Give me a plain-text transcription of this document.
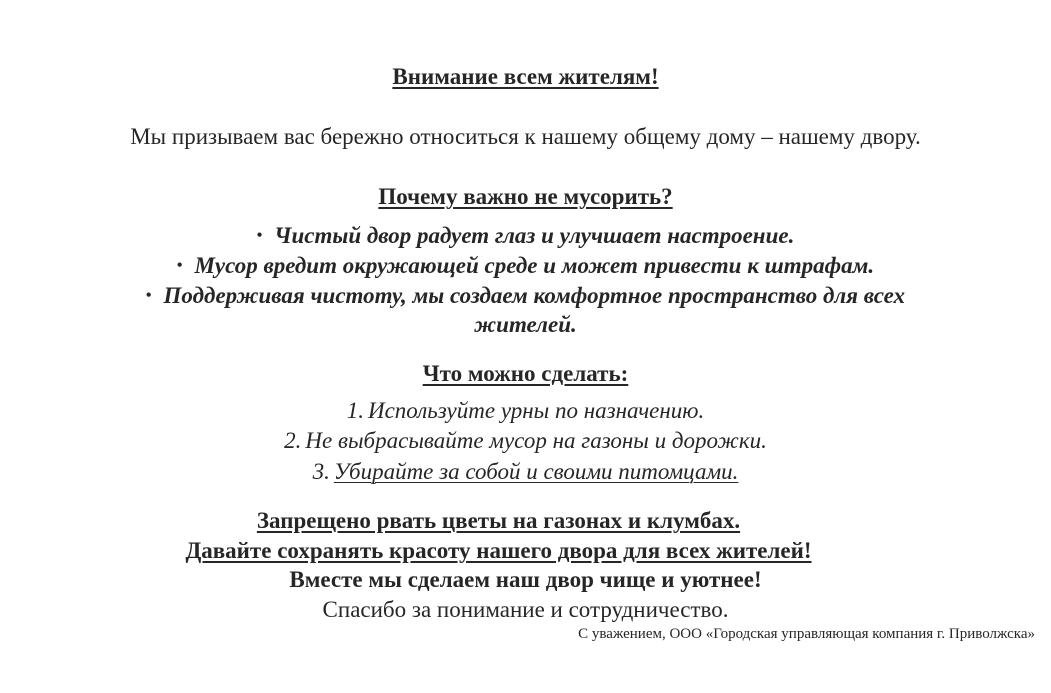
Внимание всем жителям!
Мы призываем вас бережно относиться к нашему общему дому – нашему двору.
Почему важно не мусорить?
• Чистый двор радует глаз и улучшает настроение.
• Мусор вредит окружающей среде и может привести к штрафам.
• Поддерживая чистоту, мы создаем комфортное пространство для всех
жителей.
Что можно сделать:
1. Используйте урны по назначению.
2. Не выбрасывайте мусор на газоны и дорожки.
3. Убирайте за собой и своими питомцами.
Запрещено рвать цветы на газонах и клумбах.
Давайте сохранять красоту нашего двора для всех жителей!
Вместе мы сделаем наш двор чище и уютнее!
Спасибо за понимание и сотрудничество.
С уважением, ООО «Городская управляющая компания г. Приволжска»
